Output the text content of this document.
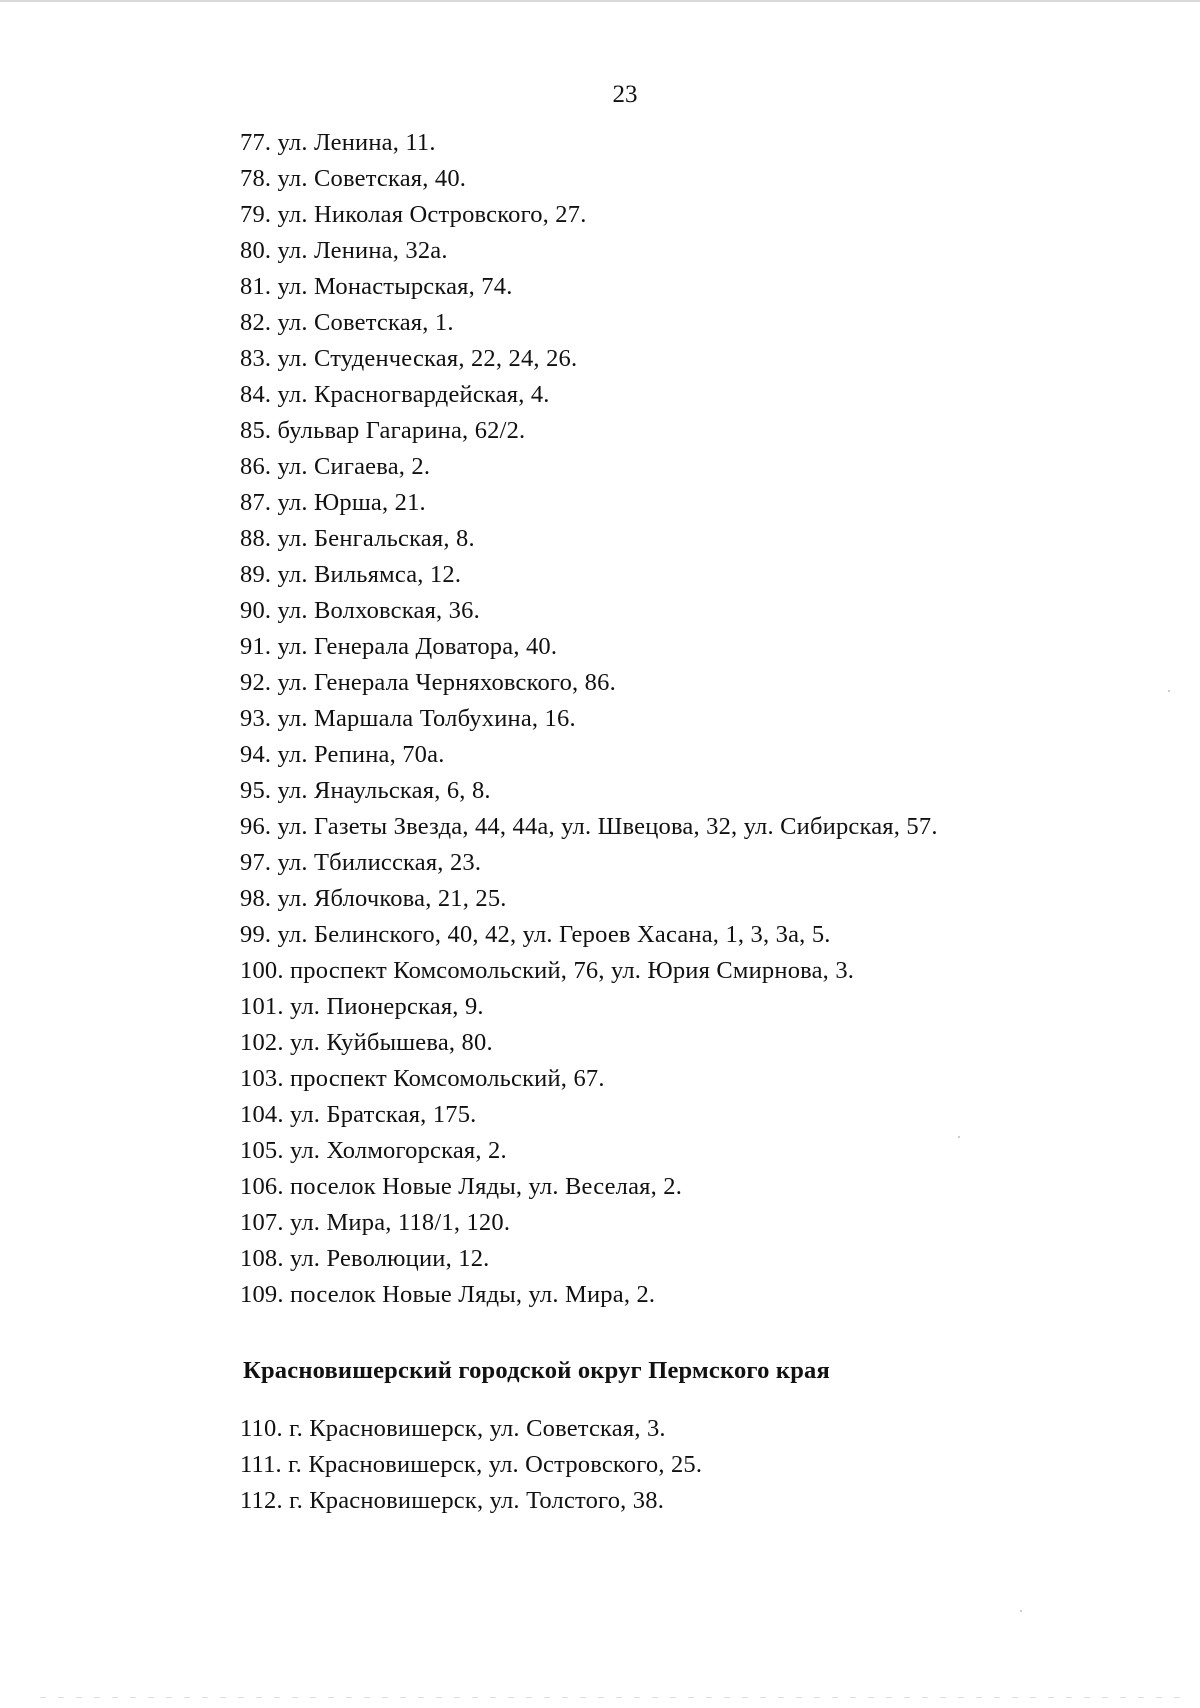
23
77. ул. Ленина, 11.
78. ул. Советская, 40.
79. ул. Николая Островского, 27.
80. ул. Ленина, 32а.
81. ул. Монастырская, 74.
82. ул. Советская, 1.
83. ул. Студенческая, 22, 24, 26.
84. ул. Красногвардейская, 4.
85. бульвар Гагарина, 62/2.
86. ул. Сигаева, 2.
87. ул. Юрша, 21.
88. ул. Бенгальская, 8.
89. ул. Вильямса, 12.
90. ул. Волховская, 36.
91. ул. Генерала Доватора, 40.
92. ул. Генерала Черняховского, 86.
93. ул. Маршала Толбухина, 16.
94. ул. Репина, 70а.
95. ул. Янаульская, 6, 8.
96. ул. Газеты Звезда, 44, 44а, ул. Швецова, 32, ул. Сибирская, 57.
97. ул. Тбилисская, 23.
98. ул. Яблочкова, 21, 25.
99. ул. Белинского, 40, 42, ул. Героев Хасана, 1, 3, 3а, 5.
100. проспект Комсомольский, 76, ул. Юрия Смирнова, 3.
101. ул. Пионерская, 9.
102. ул. Куйбышева, 80.
103. проспект Комсомольский, 67.
104. ул. Братская, 175.
105. ул. Холмогорская, 2.
106. поселок Новые Ляды, ул. Веселая, 2.
107. ул. Мира, 118/1, 120.
108. ул. Революции, 12.
109. поселок Новые Ляды, ул. Мира, 2.
Красновишерский городской округ Пермского края
110. г. Красновишерск, ул. Советская, 3.
111. г. Красновишерск, ул. Островского, 25.
112. г. Красновишерск, ул. Толстого, 38.
